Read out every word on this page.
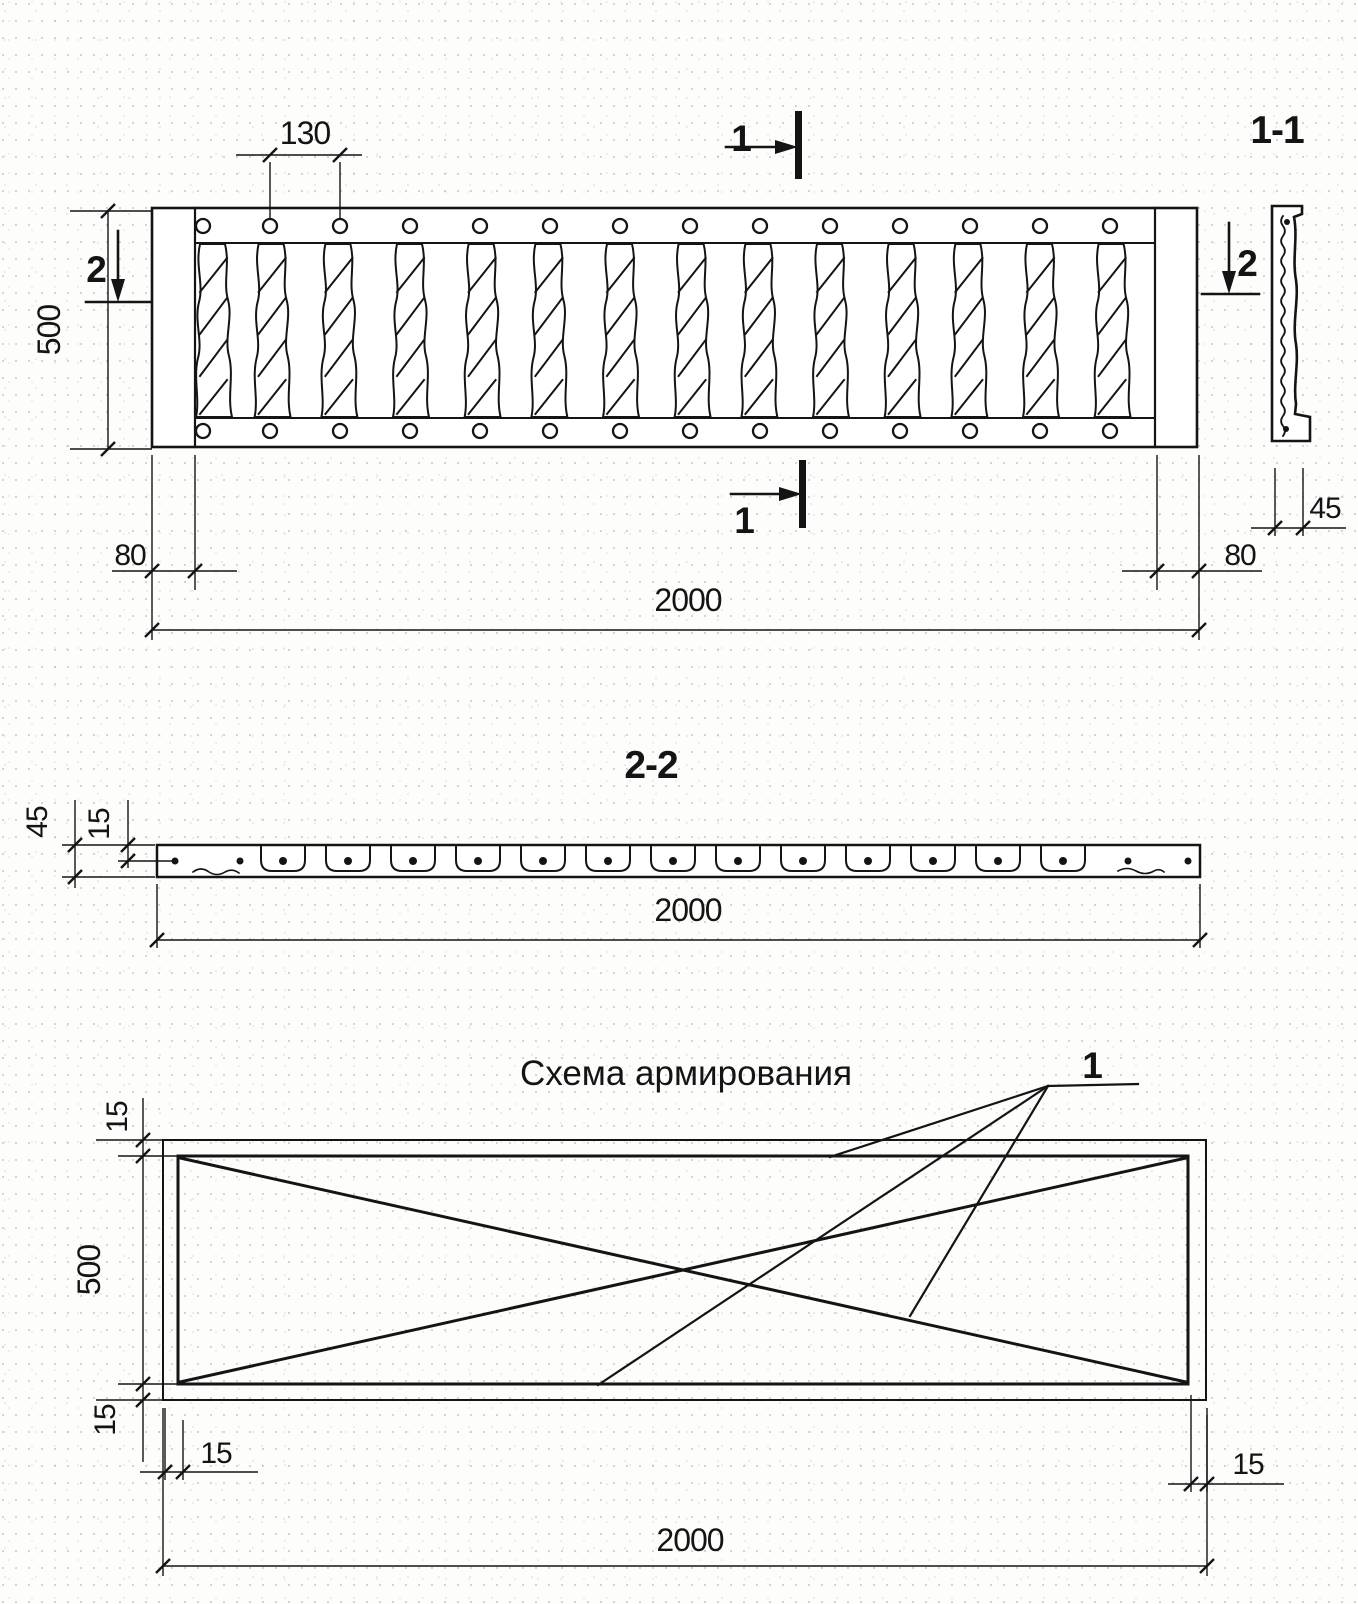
130
500
2
1
2
1
80	80
2000
1-1
45
2-2
45 15
2000
Схема армирования	1
15
500
15
15	15
2000
